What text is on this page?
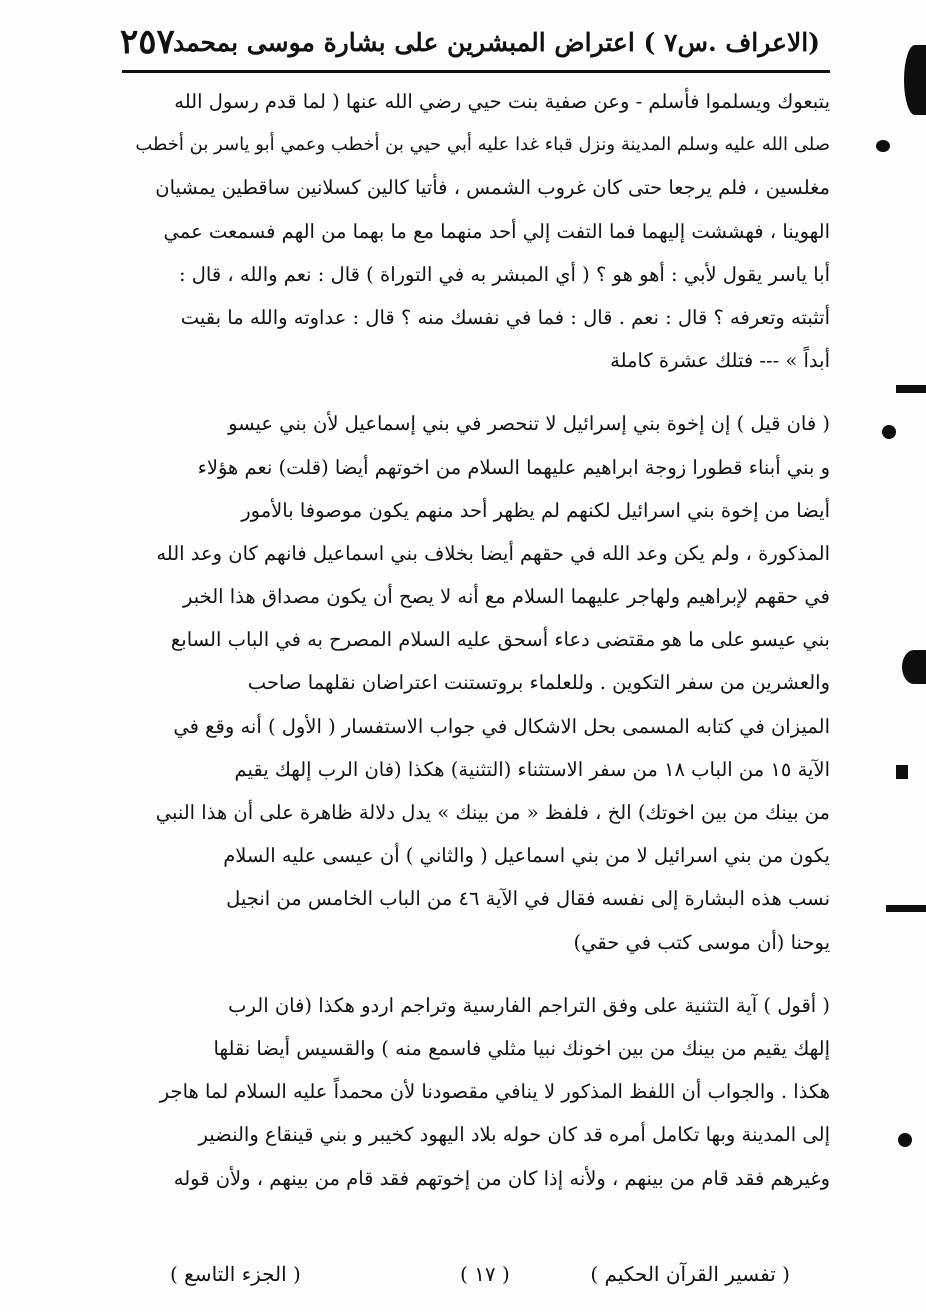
٢٥٧
(الاعراف .س٧ ) اعتراض المبشرين على بشارة موسى بمحمد
يتبعوك ويسلموا فأسلم - وعن صفية بنت حيي رضي الله عنها ( لما قدم رسول الله
صلى الله عليه وسلم المدينة ونزل قباء غدا عليه أبي حيي بن أخطب وعمي أبو ياسر بن أخطب
مغلسين ، فلم يرجعا حتى كان غروب الشمس ، فأتيا كالين كسلانين ساقطين يمشيان
الهوينا ، فهششت إليهما فما التفت إلي أحد منهما مع ما بهما من الهم فسمعت عمي
أبا ياسر يقول لأبي : أهو هو ؟ ( أي المبشر به في التوراة ) قال : نعم والله ، قال :
أتثبته وتعرفه ؟ قال : نعم . قال : فما في نفسك منه ؟ قال : عداوته والله ما بقيت
أبداً » --- فتلك عشرة كاملة
( فان قيل ) إن إخوة بني إسرائيل لا تنحصر في بني إسماعيل لأن بني عيسو
و بني أبناء قطورا زوجة ابراهيم عليهما السلام من اخوتهم أيضا (قلت) نعم هؤلاء
أيضا من إخوة بني اسرائيل لكنهم لم يظهر أحد منهم يكون موصوفا بالأمور
المذكورة ، ولم يكن وعد الله في حقهم أيضا بخلاف بني اسماعيل فانهم كان وعد الله
في حقهم لإبراهيم ولهاجر عليهما السلام مع أنه لا يصح أن يكون مصداق هذا الخبر
بني عيسو على ما هو مقتضى دعاء أسحق عليه السلام المصرح به في الباب السابع
والعشرين من سفر التكوين . وللعلماء بروتستنت اعتراضان نقلهما صاحب
الميزان في كتابه المسمى بحل الاشكال في جواب الاستفسار ( الأول ) أنه وقع في
الآية ١٥ من الباب ١٨ من سفر الاستثناء (التثنية) هكذا (فان الرب إلهك يقيم
من بينك من بين اخوتك) الخ ، فلفظ « من بينك » يدل دلالة ظاهرة على أن هذا النبي
يكون من بني اسرائيل لا من بني اسماعيل ( والثاني ) أن عيسى عليه السلام
نسب هذه البشارة إلى نفسه فقال في الآية ٤٦ من الباب الخامس من انجيل
يوحنا (أن موسى كتب في حقي)
( أقول ) آية التثنية على وفق التراجم الفارسية وتراجم اردو هكذا (فان الرب
إلهك يقيم من بينك من بين اخونك نبيا مثلي فاسمع منه ) والقسيس أيضا نقلها
هكذا . والجواب أن اللفظ المذكور لا ينافي مقصودنا لأن محمداً عليه السلام لما هاجر
إلى المدينة وبها تكامل أمره قد كان حوله بلاد اليهود كخيبر و بني قينقاع والنضير
وغيرهم فقد قام من بينهم ، ولأنه إذا كان من إخوتهم فقد قام من بينهم ، ولأن قوله
( تفسير القرآن الحكيم )
( ١٧ )
( الجزء التاسع )
